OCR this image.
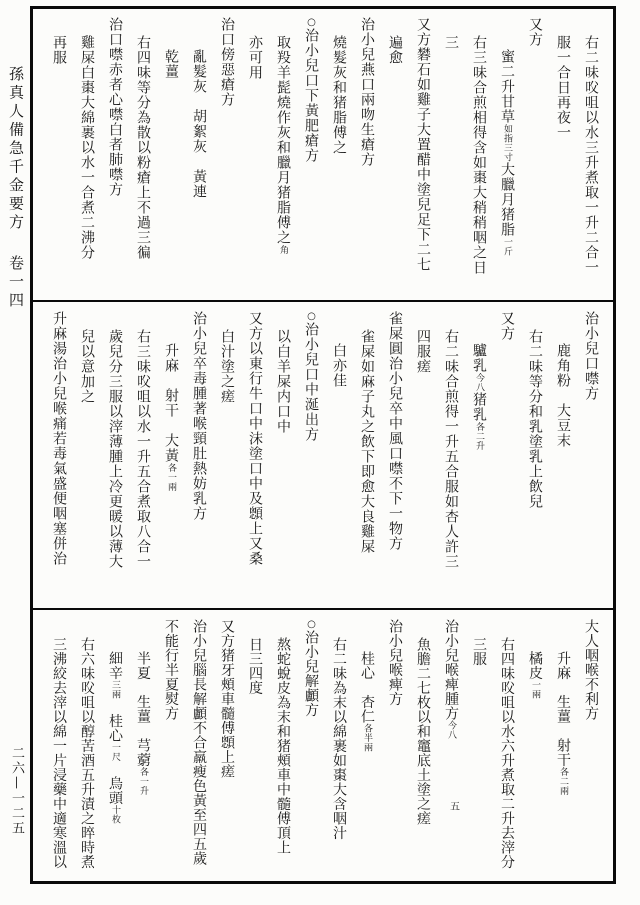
孫真人備急千金要方 卷一四
二六—一二五
右二味㕮咀以水三升煮取一升二合一
服一合日再夜一
又方
蜜二升甘草如指三寸大臘月猪脂一斤
右三味合煎相得含如棗大稍稍咽之日
三
又方礬石如雞子大置醋中塗兒足下二七
遍愈
治小兒燕口兩吻生瘡方
燒髮灰和猪脂傅之
○治小兒口下黃肥瘡方
取羖羊髭燒作灰和臘月猪脂傅之角
亦可用
治口傍惡瘡方
亂髮灰　胡絮灰　黃連
乾薑
右四味等分為散以粉瘡上不過三徧
治口噤赤者心噤白者肺噤方
雞屎白棗大綿裹以水一合煮二沸分
再服
治小兒口噤方
鹿角粉　大豆末
右二味等分和乳塗乳上飲兒
又方
驢乳今八猪乳各二升
右二味合煎得一升五合服如杏人許三
四服瘥
雀屎圓治小兒卒中風口噤不下一物方
雀屎如麻子丸之飲下即愈大良雞屎
白亦佳
○治小兒口中涎出方
以白羊屎内口中
又方以東行牛口中沫塗口中及顖上又桑
白汁塗之瘥
治小兒卒毒腫著喉頸肚熱妨乳方
升麻　射干　大黃各一兩
右三味㕮咀以水一升五合煮取八合一
歲兒分三服以滓薄腫上冷更暖以薄大
兒以意加之
升麻湯治小兒喉痛若毒氣盛便咽塞併治
大人咽喉不利方
升麻　生薑　射干各二兩
橘皮一兩
右四味㕮咀以水六升煮取二升去滓分
三服
治小兒喉痺腫方今八
魚膽二七枚以和竈底土塗之瘥
治小兒喉痺方
桂心　杏仁各半兩
右二味為末以綿裹如棗大含咽汁
○治小兒解顱方
熬蛇蛻皮為末和猪頰車中髓傅頂上
日三四度
又方猪牙頰車髓傅顖上瘥
治小兒腦長解顱不合羸瘦色黃至四五歲
不能行半夏熨方
半夏　生薑　芎藭各一升
細辛三兩　桂心一尺　烏頭十枚
右六味㕮咀以醇苦酒五升漬之晬時煮
三沸絞去滓以綿一片浸藥中適寒溫以	五
